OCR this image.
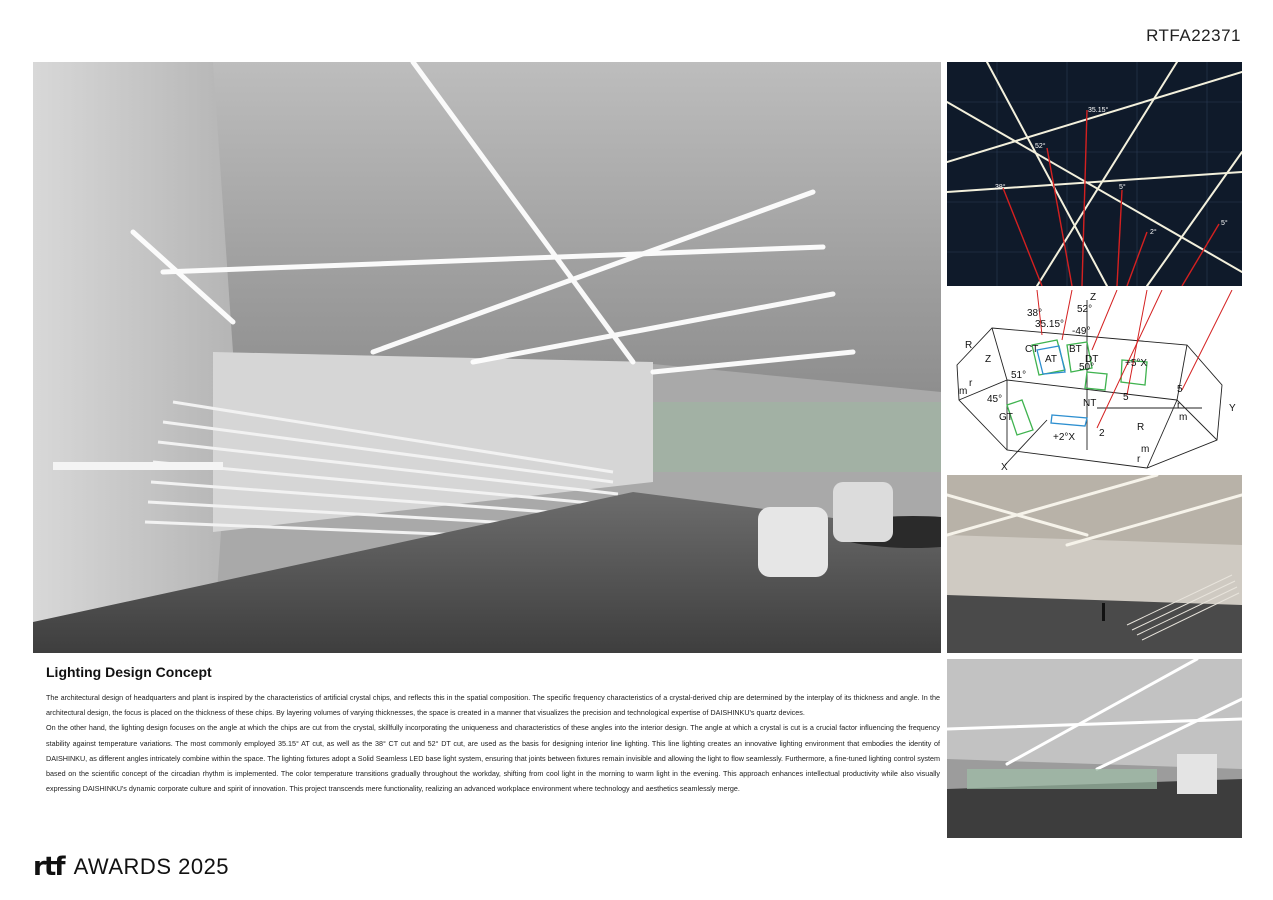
RTFA22371
35.15°
52°
38°	5°
2°
5°
38°	52°
Z
35.15°
-49°
R	CT	BT
AT	DT	+5°X
Z
50°
51°
r
45°
m
GT
NT
5
5
r
m
Y
+2°X 2
R
m
r
X
Lighting Design Concept

The architectural design of headquarters and plant is inspired by the characteristics of artificial crystal chips, and reflects this in the spatial composition. The specific frequency characteristics of a crystal-derived chip are determined by the interplay of its thickness and angle. In the architectural design, the focus is placed on the thickness of these chips. By layering volumes of varying thicknesses, the space is created in a manner that visualizes the precision and technological expertise of DAISHINKU's quartz devices.

On the other hand, the lighting design focuses on the angle at which the chips are cut from the crystal, skillfully incorporating the uniqueness and characteristics of these angles into the interior design. The angle at which a crystal is cut is a crucial factor influencing the frequency stability against temperature variations. The most commonly employed 35.15° AT cut, as well as the 38° CT cut and 52° DT cut, are used as the basis for designing interior line lighting. This line lighting creates an innovative lighting environment that embodies the identity of DAISHINKU, as different angles intricately combine within the space. The lighting fixtures adopt a Solid Seamless LED base light system, ensuring that joints between fixtures remain invisible and allowing the light to flow seamlessly. Furthermore, a fine-tuned lighting control system based on the scientific concept of the circadian rhythm is implemented. The color temperature transitions gradually throughout the workday, shifting from cool light in the morning to warm light in the evening. This approach enhances intellectual productivity while also visually expressing DAISHINKU's dynamic corporate culture and spirit of innovation. This project transcends mere functionality, realizing an advanced workplace environment where technology and aesthetics seamlessly merge.

rtf AWARDS 2025
